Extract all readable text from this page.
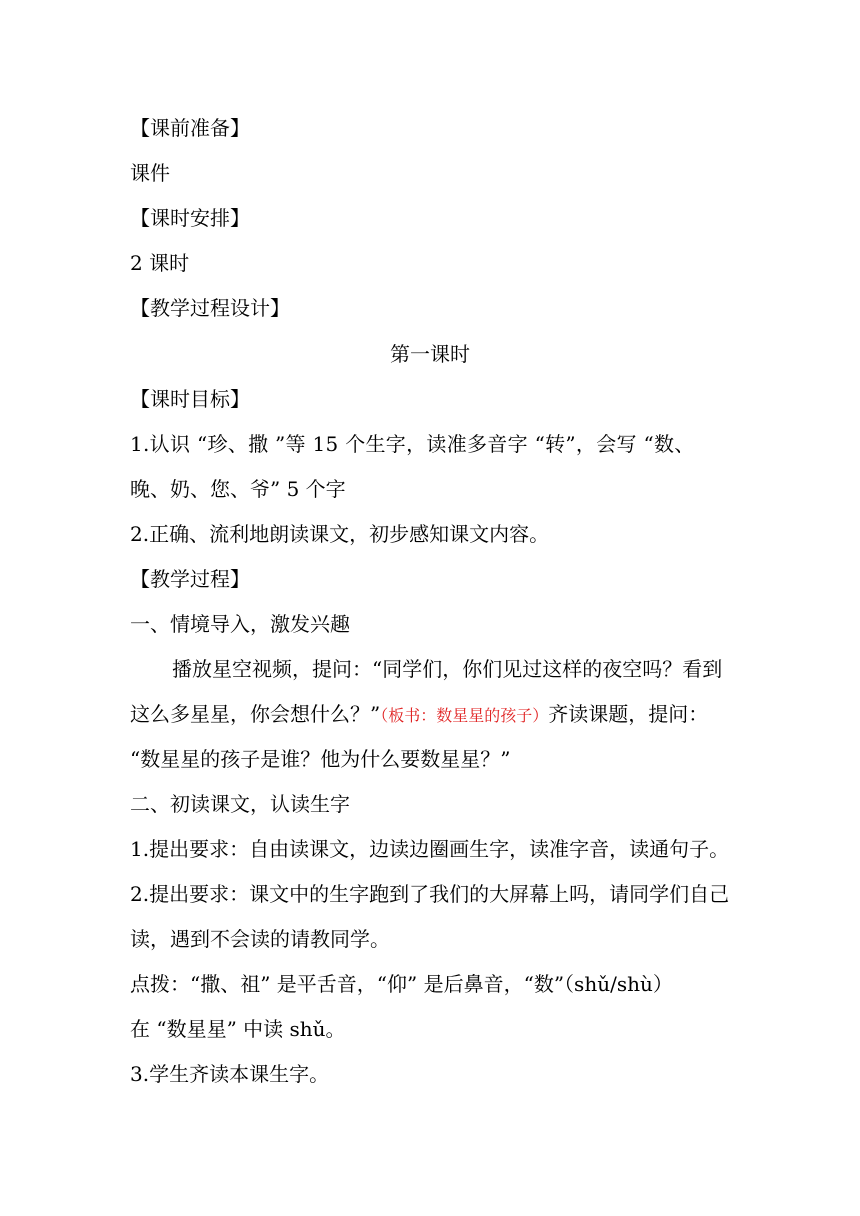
【课前准备】
课件
【课时安排】
2 课时
【教学过程设计】
第一课时
【课时目标】
1.认识 “珍、撒 ”等 15 个生字，读准多音字 “转”，会写 “数、
晚、奶、您、爷” 5 个字
2.正确、流利地朗读课文，初步感知课文内容。
【教学过程】
一、情境导入，激发兴趣
播放星空视频，提问：“同学们，你们见过这样的夜空吗？看到
这么多星星，你会想什么？”（板书：数星星的孩子）齐读课题，提问：
“数星星的孩子是谁？他为什么要数星星？”
二、初读课文，认读生字
1.提出要求：自由读课文，边读边圈画生字，读准字音，读通句子。
2.提出要求：课文中的生字跑到了我们的大屏幕上吗，请同学们自己
读，遇到不会读的请教同学。
点拨：“撒、祖” 是平舌音，“仰” 是后鼻音，“数”（shǔ/shù）
在 “数星星” 中读 shǔ。
3.学生齐读本课生字。
